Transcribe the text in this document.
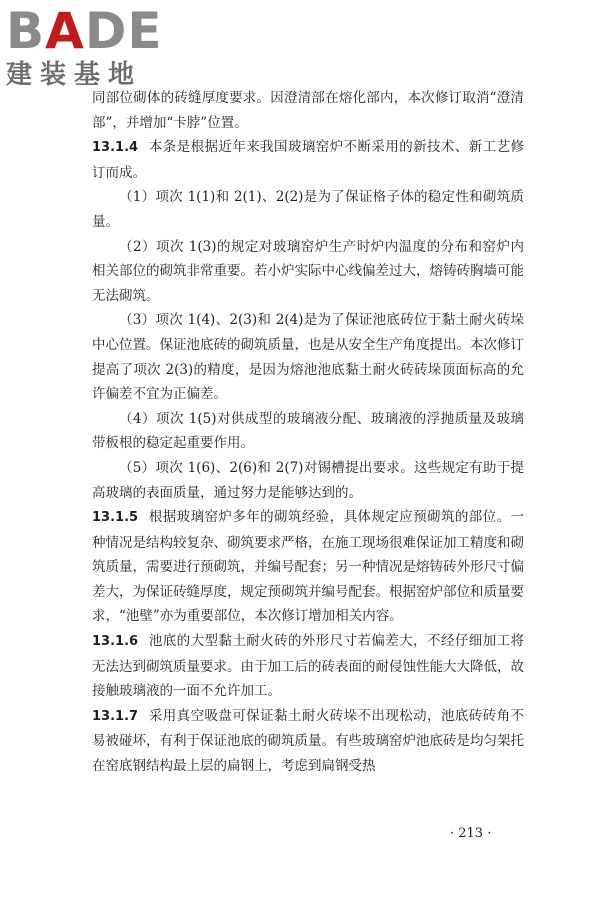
BADE
建装基地

同部位砌体的砖缝厚度要求。因澄清部在熔化部内，本次修订取消“澄清部”，并增加“卡脖”位置。

13.1.4 本条是根据近年来我国玻璃窑炉不断采用的新技术、新工艺修订而成。

（1）项次 1(1)和 2(1)、2(2)是为了保证格子体的稳定性和砌筑质量。

（2）项次 1(3)的规定对玻璃窑炉生产时炉内温度的分布和窑炉内相关部位的砌筑非常重要。若小炉实际中心线偏差过大，熔铸砖胸墙可能无法砌筑。

（3）项次 1(4)、2(3)和 2(4)是为了保证池底砖位于黏土耐火砖垛中心位置。保证池底砖的砌筑质量，也是从安全生产角度提出。本次修订提高了项次 2(3)的精度，是因为熔池池底黏土耐火砖砖垛顶面标高的允许偏差不宜为正偏差。

（4）项次 1(5)对供成型的玻璃液分配、玻璃液的浮抛质量及玻璃带板根的稳定起重要作用。

（5）项次 1(6)、2(6)和 2(7)对锡槽提出要求。这些规定有助于提高玻璃的表面质量，通过努力是能够达到的。

13.1.5 根据玻璃窑炉多年的砌筑经验，具体规定应预砌筑的部位。一种情况是结构较复杂、砌筑要求严格，在施工现场很难保证加工精度和砌筑质量，需要进行预砌筑，并编号配套；另一种情况是熔铸砖外形尺寸偏差大，为保证砖缝厚度，规定预砌筑并编号配套。根据窑炉部位和质量要求，“池壁”亦为重要部位，本次修订增加相关内容。

13.1.6 池底的大型黏土耐火砖的外形尺寸若偏差大，不经仔细加工将无法达到砌筑质量要求。由于加工后的砖表面的耐侵蚀性能大大降低，故接触玻璃液的一面不允许加工。

13.1.7 采用真空吸盘可保证黏土耐火砖垛不出现松动，池底砖砖角不易被碰坏，有利于保证池底的砌筑质量。有些玻璃窑炉池底砖是均匀架托在窑底钢结构最上层的扁钢上，考虑到扁钢受热

· 213 ·
